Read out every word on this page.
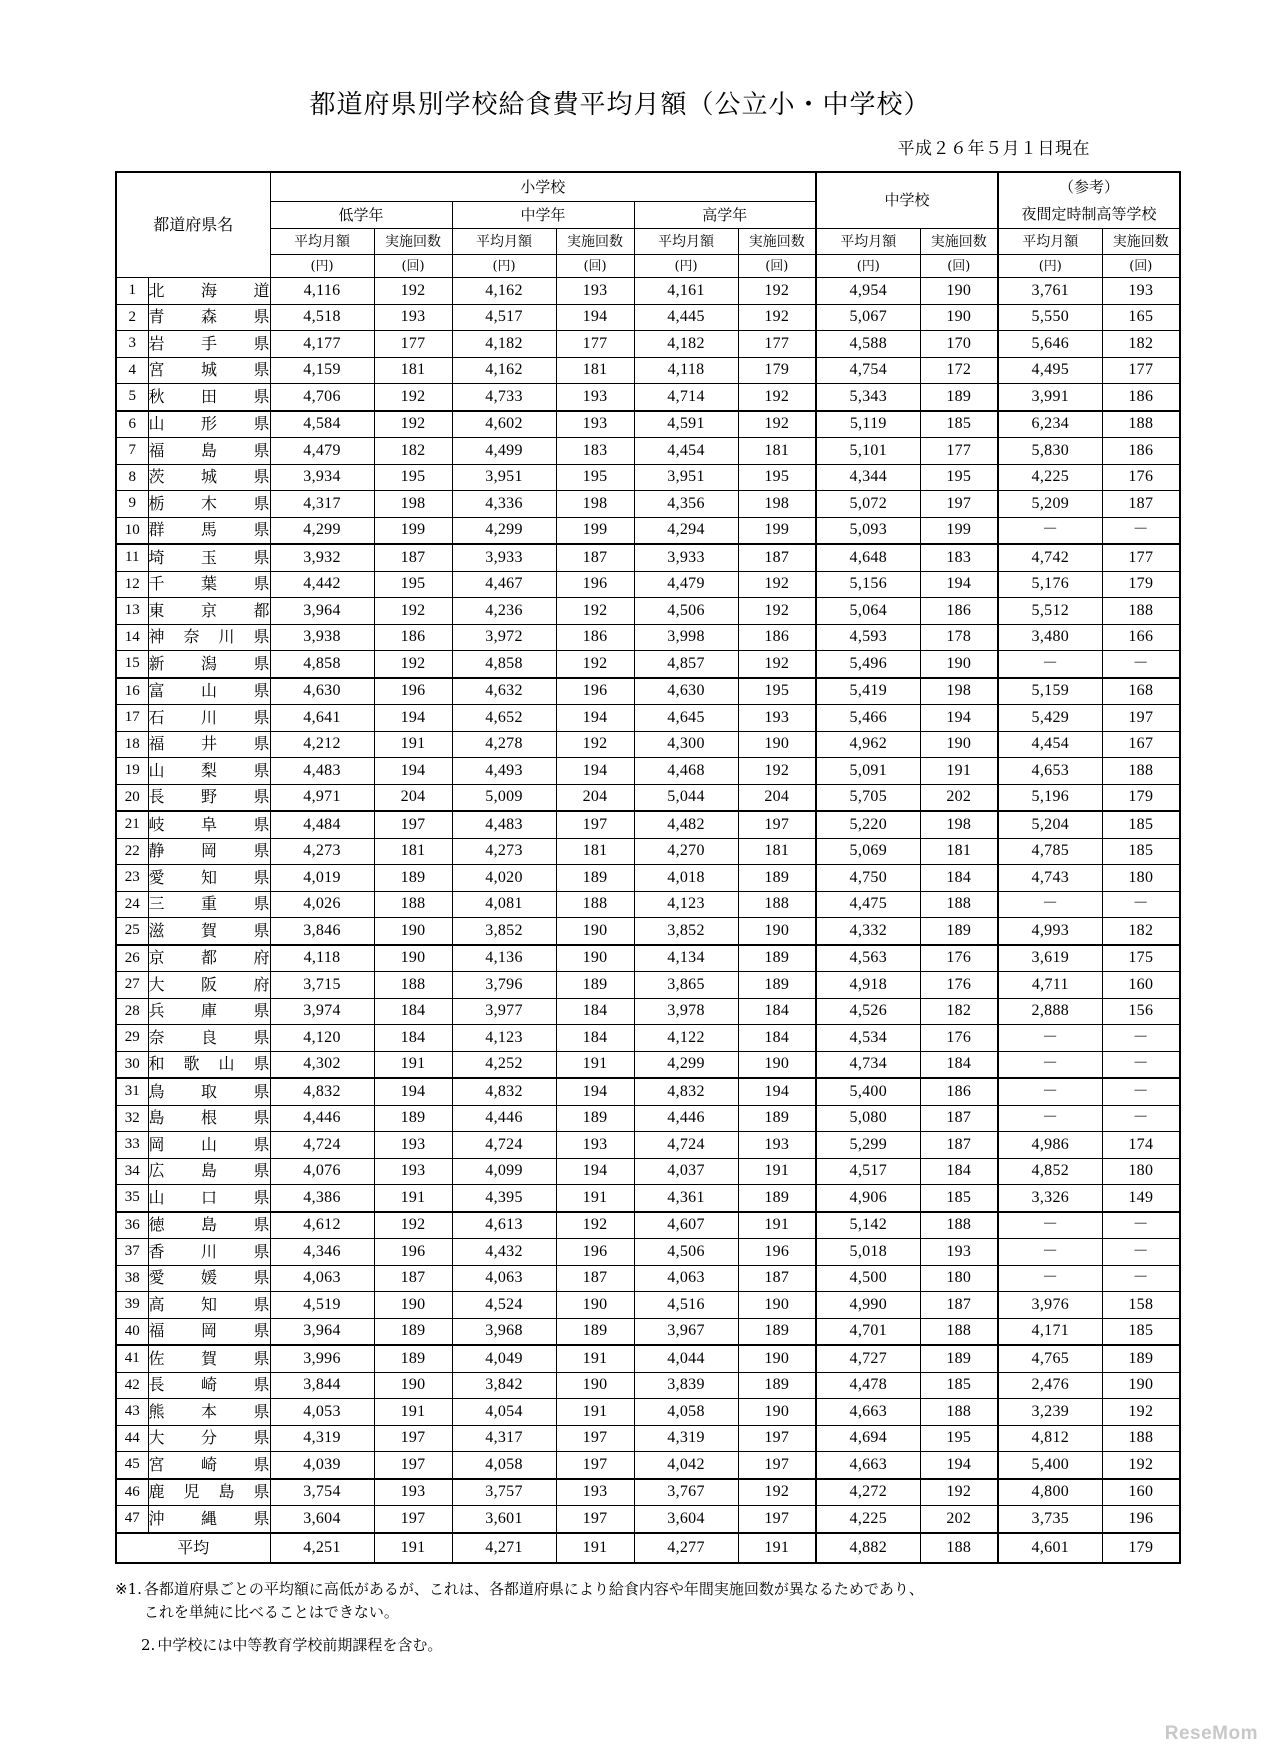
都道府県別学校給食費平均月額（公立小・中学校）
平成２６年５月１日現在
都道府県名		小学校						中学校		（参考）	
		低学年		中学年		高学年				夜間定時制高等学校	
		平均月額	実施回数	平均月額	実施回数	平均月額	実施回数	平均月額	実施回数	平均月額	実施回数
		(円)	(回)	(円)	(回)	(円)	(回)	(円)	(回)	(円)	(回)
1	北海道	4,116	192	4,162	193	4,161	192	4,954	190	3,761	193
2	青森県	4,518	193	4,517	194	4,445	192	5,067	190	5,550	165
3	岩手県	4,177	177	4,182	177	4,182	177	4,588	170	5,646	182
4	宮城県	4,159	181	4,162	181	4,118	179	4,754	172	4,495	177
5	秋田県	4,706	192	4,733	193	4,714	192	5,343	189	3,991	186
6	山形県	4,584	192	4,602	193	4,591	192	5,119	185	6,234	188
7	福島県	4,479	182	4,499	183	4,454	181	5,101	177	5,830	186
8	茨城県	3,934	195	3,951	195	3,951	195	4,344	195	4,225	176
9	栃木県	4,317	198	4,336	198	4,356	198	5,072	197	5,209	187
10	群馬県	4,299	199	4,299	199	4,294	199	5,093	199	－	－
11	埼玉県	3,932	187	3,933	187	3,933	187	4,648	183	4,742	177
12	千葉県	4,442	195	4,467	196	4,479	192	5,156	194	5,176	179
13	東京都	3,964	192	4,236	192	4,506	192	5,064	186	5,512	188
14	神奈川県	3,938	186	3,972	186	3,998	186	4,593	178	3,480	166
15	新潟県	4,858	192	4,858	192	4,857	192	5,496	190	－	－
16	富山県	4,630	196	4,632	196	4,630	195	5,419	198	5,159	168
17	石川県	4,641	194	4,652	194	4,645	193	5,466	194	5,429	197
18	福井県	4,212	191	4,278	192	4,300	190	4,962	190	4,454	167
19	山梨県	4,483	194	4,493	194	4,468	192	5,091	191	4,653	188
20	長野県	4,971	204	5,009	204	5,044	204	5,705	202	5,196	179
21	岐阜県	4,484	197	4,483	197	4,482	197	5,220	198	5,204	185
22	静岡県	4,273	181	4,273	181	4,270	181	5,069	181	4,785	185
23	愛知県	4,019	189	4,020	189	4,018	189	4,750	184	4,743	180
24	三重県	4,026	188	4,081	188	4,123	188	4,475	188	－	－
25	滋賀県	3,846	190	3,852	190	3,852	190	4,332	189	4,993	182
26	京都府	4,118	190	4,136	190	4,134	189	4,563	176	3,619	175
27	大阪府	3,715	188	3,796	189	3,865	189	4,918	176	4,711	160
28	兵庫県	3,974	184	3,977	184	3,978	184	4,526	182	2,888	156
29	奈良県	4,120	184	4,123	184	4,122	184	4,534	176	－	－
30	和歌山県	4,302	191	4,252	191	4,299	190	4,734	184	－	－
31	鳥取県	4,832	194	4,832	194	4,832	194	5,400	186	－	－
32	島根県	4,446	189	4,446	189	4,446	189	5,080	187	－	－
33	岡山県	4,724	193	4,724	193	4,724	193	5,299	187	4,986	174
34	広島県	4,076	193	4,099	194	4,037	191	4,517	184	4,852	180
35	山口県	4,386	191	4,395	191	4,361	189	4,906	185	3,326	149
36	徳島県	4,612	192	4,613	192	4,607	191	5,142	188	－	－
37	香川県	4,346	196	4,432	196	4,506	196	5,018	193	－	－
38	愛媛県	4,063	187	4,063	187	4,063	187	4,500	180	－	－
39	高知県	4,519	190	4,524	190	4,516	190	4,990	187	3,976	158
40	福岡県	3,964	189	3,968	189	3,967	189	4,701	188	4,171	185
41	佐賀県	3,996	189	4,049	191	4,044	190	4,727	189	4,765	189
42	長崎県	3,844	190	3,842	190	3,839	189	4,478	185	2,476	190
43	熊本県	4,053	191	4,054	191	4,058	190	4,663	188	3,239	192
44	大分県	4,319	197	4,317	197	4,319	197	4,694	195	4,812	188
45	宮崎県	4,039	197	4,058	197	4,042	197	4,663	194	5,400	192
46	鹿児島県	3,754	193	3,757	193	3,767	192	4,272	192	4,800	160
47	沖縄県	3,604	197	3,601	197	3,604	197	4,225	202	3,735	196
平均		4,251	191	4,271	191	4,277	191	4,882	188	4,601	179
※1. 各都道府県ごとの平均額に高低があるが、これは、各都道府県により給食内容や年間実施回数が異なるためであり、
これを単純に比べることはできない。
2. 中学校には中等教育学校前期課程を含む。
ReseMom
